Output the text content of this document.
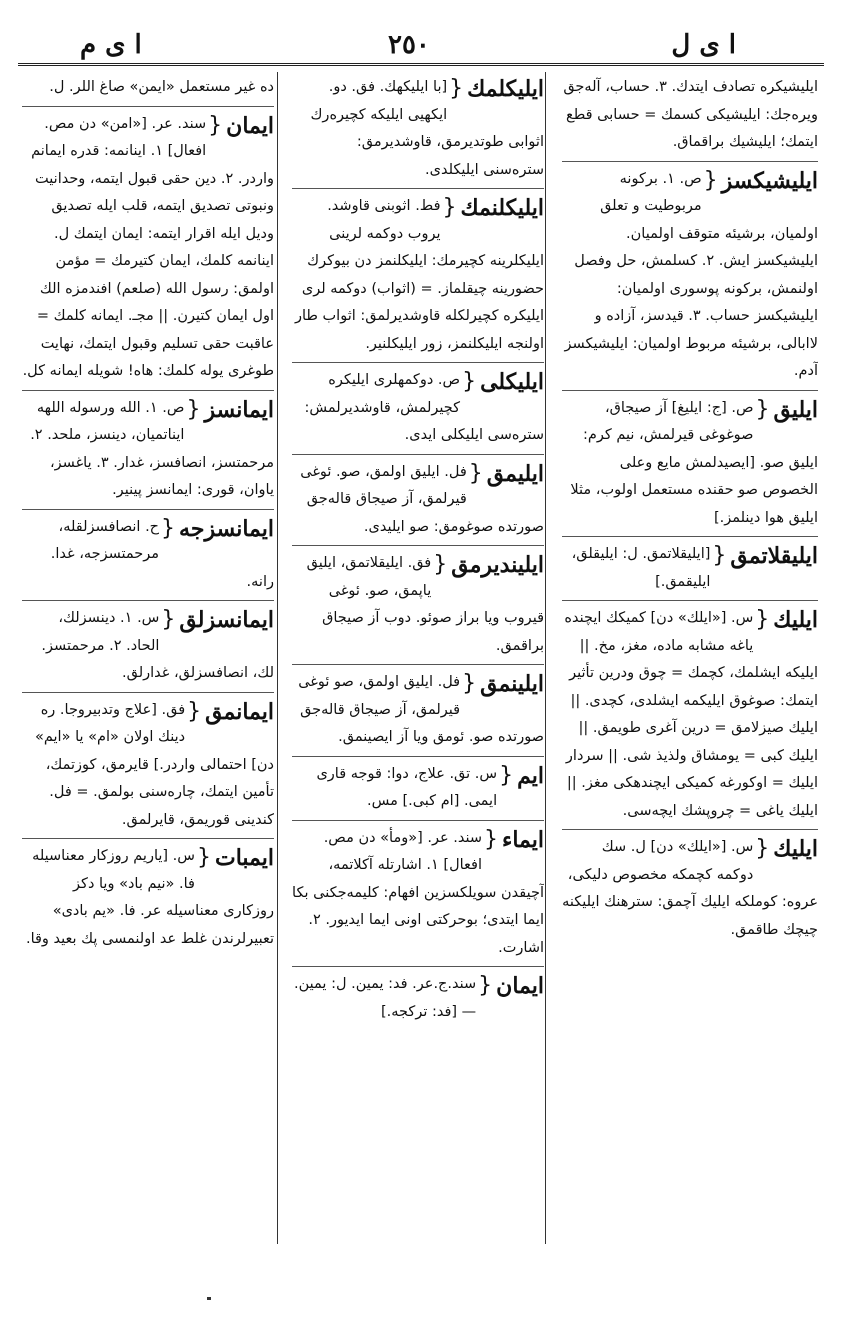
ا ی م	٢٥٠	ا ی ل
ایلیشیکره تصادف ایتدك. ٣. حساب، آلەجق ویرەجك: ایلیشیکی کسمك = حسابی قطع ایتمك؛ ایلیشیك براقماق.
ایلیشیکسز
{
ص. ١. برکونه مربوطیت و تعلق اولمیان، برشیئه متوقف اولمیان. ایلیشیکسز ایش. ٢. کسلمش، حل وفصل اولنمش، برکونه پوسوری اولمیان: ایلیشیکسز حساب. ٣. قیدسز، آزاده و لاابالی، برشیئه مربوط اولمیان: ایلیشیکسز آدم.
ایلیق
{
ص. [ج: ایلیغ] آز صیجاق، صوغوغی قیرلمش، نیم کرم: ایلیق صو. [ایصیدلمش مایع وعلی الخصوص صو حقنده مستعمل اولوب، مثلا ایلیق هوا دینلمز.]
ایلیقلاتمق
{
[ایلیقلاتمق. ل: ایلیقلق، ایلیقمق.]
ایلیك
{
س. [«ایلك» دن] کمیکك ایچنده یاغه مشابه ماده، مغز، مخ. || ایلیکه ایشلمك، کچمك = چوق ودرین تأثیر ایتمك: صوغوق ایلیکمه ایشلدی، کچدی. || ایلیك صیزلامق = درین آغری طویمق. || ایلیك کبی = یومشاق ولذیذ شی. || سردار ایلیك = اوکورغه کمیکی ایچندهکی مغز. || ایلیك یاغی = چروپشك ایچەسی.
ایلیك
{
س. [«ایلك» دن] ل. سك دوکمه کچمکه مخصوص دلیکی، عروه: کوملکه ایلیك آچمق: سترهنك ایلیکنه چیچك طاقمق.
ایلیکلمك
{
[با ایلیکهك. فق. دو. ایکهیی ایلیکه کچیرەرك اثوابی طوتدیرمق، قاوشدیرمق: سترەسنی ایلیکلدی.
ایلیکلنمك
{
فط. اثوبنی قاوشد. یروب دوکمه لرینی ایلیکلرینه کچیرمك: ایلیکلنمز دن بیوکرك حضورینه چیقلماز. = (اثواب) دوکمه لری ایلیکره کچیرلکله قاوشدیرلمق: اثواب طار اولنجه ایلیکلنمز، زور ایلیکلنیر.
ایلیکلی
{
ص. دوکمهلری ایلیکره کچیرلمش، قاوشدیرلمش: سترەسی ایلیکلی ایدی.
ایلیمق
{
فل. ایلیق اولمق، صو. ئوغی قیرلمق، آز صیجاق قالەجق صورتده صوغومق: صو ایلیدی.
ایلیندیرمق
{
فق. ایلیقلاتمق، ایلیق یاپمق، صو. ئوغی قیروب ویا براز صوئو. دوب آز صیجاق براقمق.
ایلینمق
{
فل. ایلیق اولمق، صو ئوغی قیرلمق، آز صیجاق قالەجق صورتده صو. ئومق ویا آز ایصینمق.
ایم
{
س. تق. علاج، دوا: قوجه قاری ایمی. [ام کبی.] مس.
ایماء
{
سند. عر. [«ومأ» دن مص. افعال] ١. اشارتله آکلاتمه، آچیقدن سویلکسزین افهام: کلیمەجکنی بکا ایما ایتدی؛ بوحرکتی اونی ایما ایدیور. ٢. اشارت.
ایمان
{
سند.ج.عر. فد: یمین. ل: یمین. — [فد: ترکجه.]
ده غیر مستعمل «ایمن» صاغ اللر. ل.
ایمان
{
سند. عر. [«امن» دن مص. افعال] ١. اینانمه: قدره ایمانم واردر. ٢. دین حقی قبول ایتمه، وحدانیت ونبوتی تصدیق ایتمه، قلب ایله تصدیق ودیل ایله اقرار ایتمه: ایمان ایتمك ل. اینانمه کلمك، ایمان کتیرمك = مؤمن اولمق: رسول الله (صلعم) افندمزه الك اول ایمان کتیرن. || مجـ. ایمانه کلمك = عاقبت حقی تسلیم وقبول ایتمك، نهایت طوغری یوله کلمك: هاه! شویله ایمانه کل.
ایمانسز
{
ص. ١. الله ورسوله اللهه ایناتمیان، دینسز، ملحد. ٢. مرحمتسز، انصافسز، غدار. ٣. یاغسز، یاوان، قوری: ایمانسز پینیر.
ایمانسزجه
{
ح. انصافسزلقله، مرحمتسزجه، غدا. رانه.
ایمانسزلق
{
س. ١. دینسزلك، الحاد. ٢. مرحمتسز. لك، انصافسزلق، غدارلق.
ایمانمق
{
فق. [علاج وتدبیروجا. ره دینك اولان «ام» یا «ایم» دن] احتمالی واردر.] قایرمق، کوزتمك، تأمین ایتمك، چارەسنی بولمق. = فل. کندینی قوریمق، قایرلمق.
ایمبات
{
س. [یاریم روزکار معناسیله فا. «نیم باد» ویا دکز روزکاری معناسیله عر. فا. «یم بادی» تعبیرلرندن غلط عد اولنمسی پك بعید وقا.
